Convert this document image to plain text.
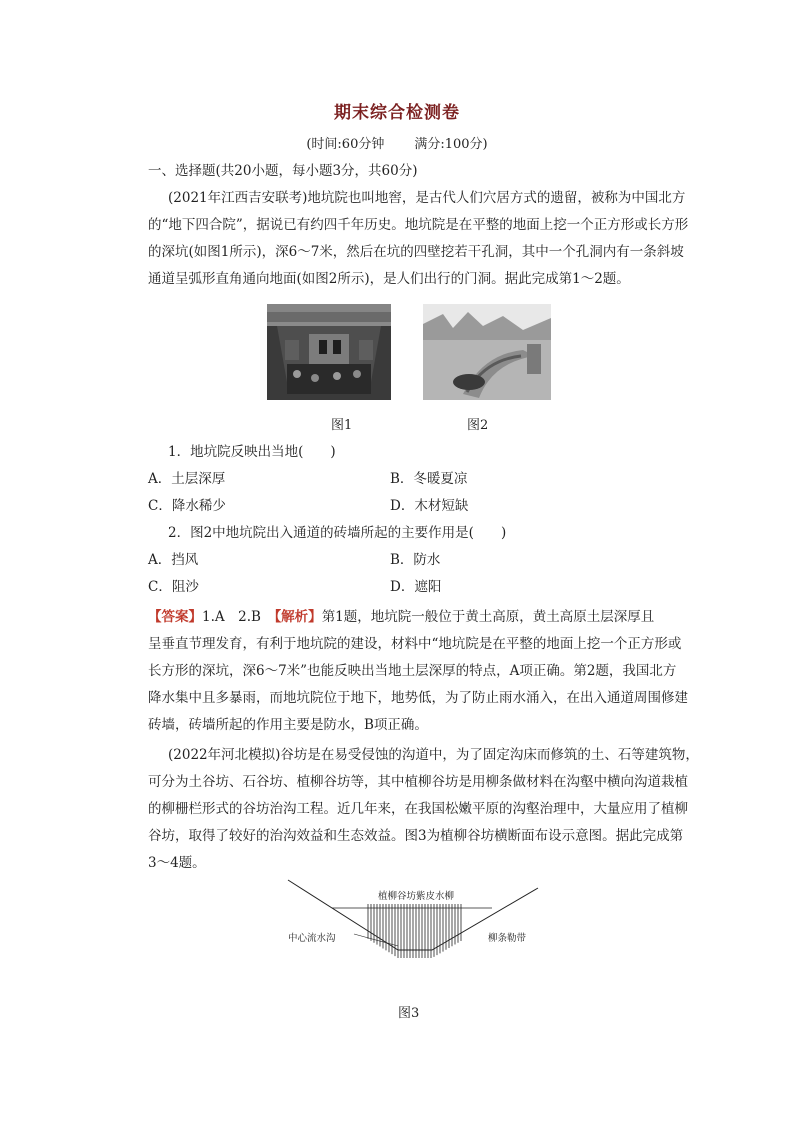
期末综合检测卷
(时间:60分钟 满分:100分)
一、选择题(共20小题，每小题3分，共60分)
(2021年江西吉安联考)地坑院也叫地窖，是古代人们穴居方式的遗留，被称为中国北方
的“地下四合院”，据说已有约四千年历史。地坑院是在平整的地面上挖一个正方形或长方形
的深坑(如图1所示)，深6～7米，然后在坑的四壁挖若干孔洞，其中一个孔洞内有一条斜坡
通道呈弧形直角通向地面(如图2所示)，是人们出行的门洞。据此完成第1～2题。
图1	图2
1．地坑院反映出当地(　　)
A．土层深厚	B．冬暖夏凉
C．降水稀少	D．木材短缺
2．图2中地坑院出入通道的砖墙所起的主要作用是(　　)
A．挡风	B．防水
C．阻沙	D．遮阳
【答案】1.A　2.B　【解析】第1题，地坑院一般位于黄土高原，黄土高原土层深厚且
呈垂直节理发育，有利于地坑院的建设，材料中“地坑院是在平整的地面上挖一个正方形或
长方形的深坑，深6～7米”也能反映出当地土层深厚的特点，A项正确。第2题，我国北方
降水集中且多暴雨，而地坑院位于地下，地势低，为了防止雨水涌入，在出入通道周围修建
砖墙，砖墙所起的作用主要是防水，B项正确。
(2022年河北模拟)谷坊是在易受侵蚀的沟道中，为了固定沟床而修筑的土、石等建筑物，
可分为土谷坊、石谷坊、植柳谷坊等，其中植柳谷坊是用柳条做材料在沟壑中横向沟道栽植
的柳栅栏形式的谷坊治沟工程。近几年来，在我国松嫩平原的沟壑治理中，大量应用了植柳
谷坊，取得了较好的治沟效益和生态效益。图3为植柳谷坊横断面布设示意图。据此完成第
3～4题。
植柳谷坊紫皮水柳
中心流水沟	柳条勒带
图3
